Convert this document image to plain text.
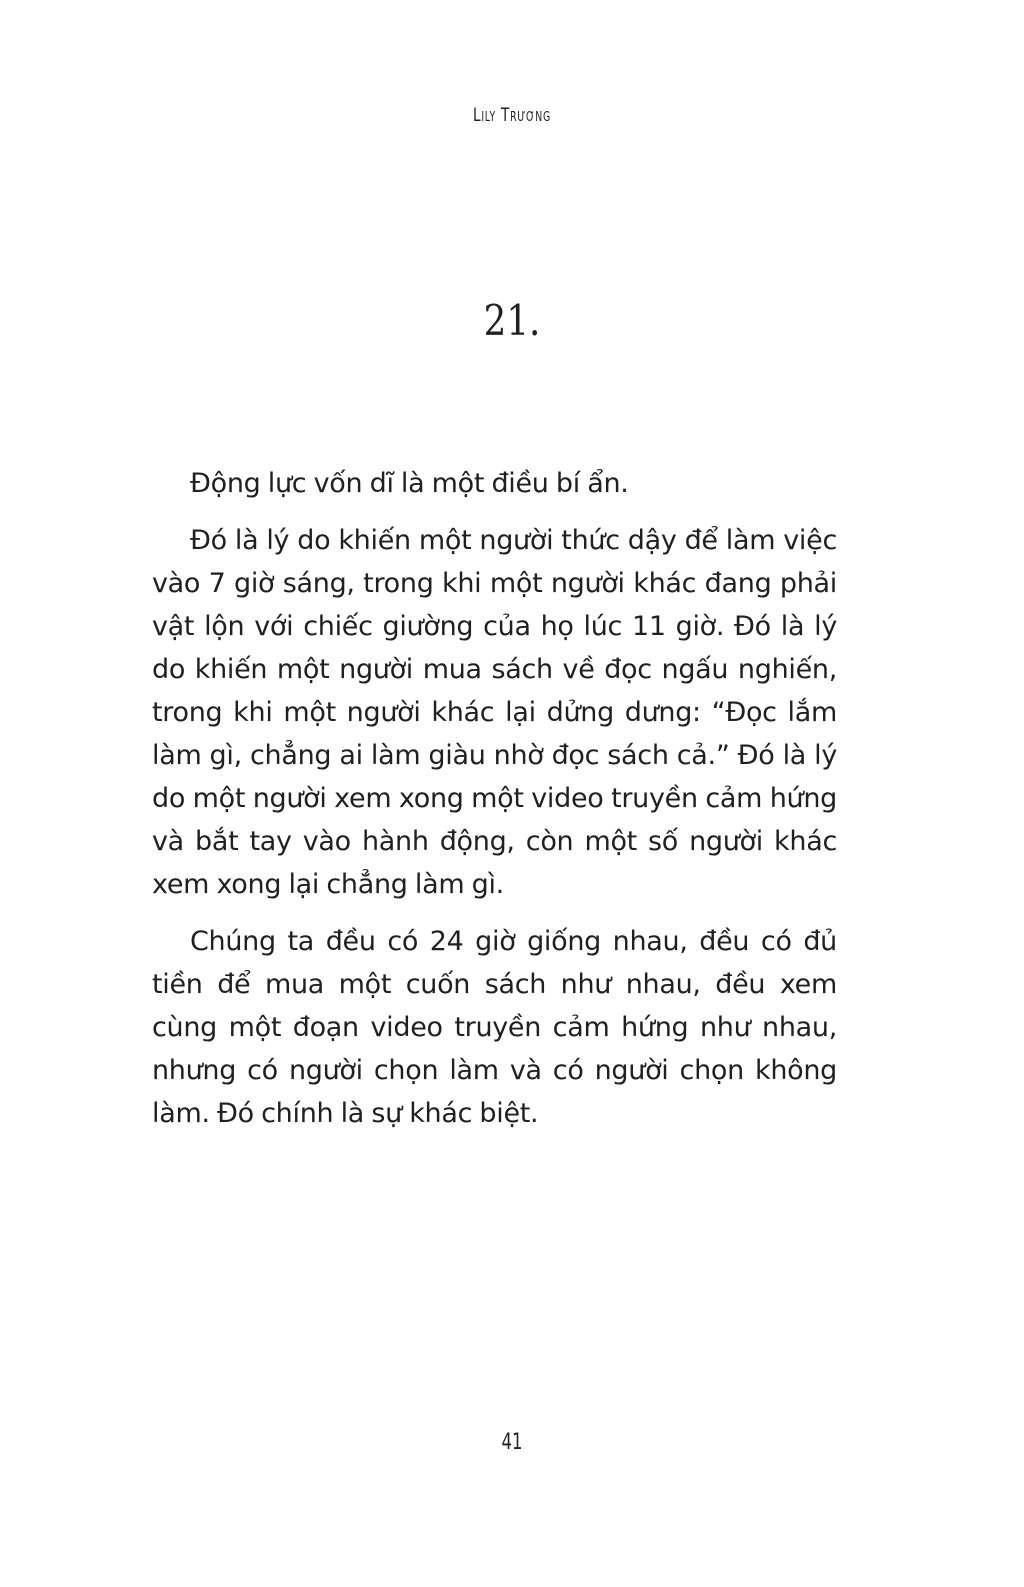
Lily Trương
21.

Động lực vốn dĩ là một điều bí ẩn.

Đó là lý do khiến một người thức dậy để làm việc vào 7 giờ sáng, trong khi một người khác đang phải vật lộn với chiếc giường của họ lúc 11 giờ. Đó là lý do khiến một người mua sách về đọc ngấu nghiến, trong khi một người khác lại dửng dưng: “Đọc lắm làm gì, chẳng ai làm giàu nhờ đọc sách cả.” Đó là lý do một người xem xong một video truyền cảm hứng và bắt tay vào hành động, còn một số người khác xem xong lại chẳng làm gì.

Chúng ta đều có 24 giờ giống nhau, đều có đủ tiền để mua một cuốn sách như nhau, đều xem cùng một đoạn video truyền cảm hứng như nhau, nhưng có người chọn làm và có người chọn không làm. Đó chính là sự khác biệt.

41
